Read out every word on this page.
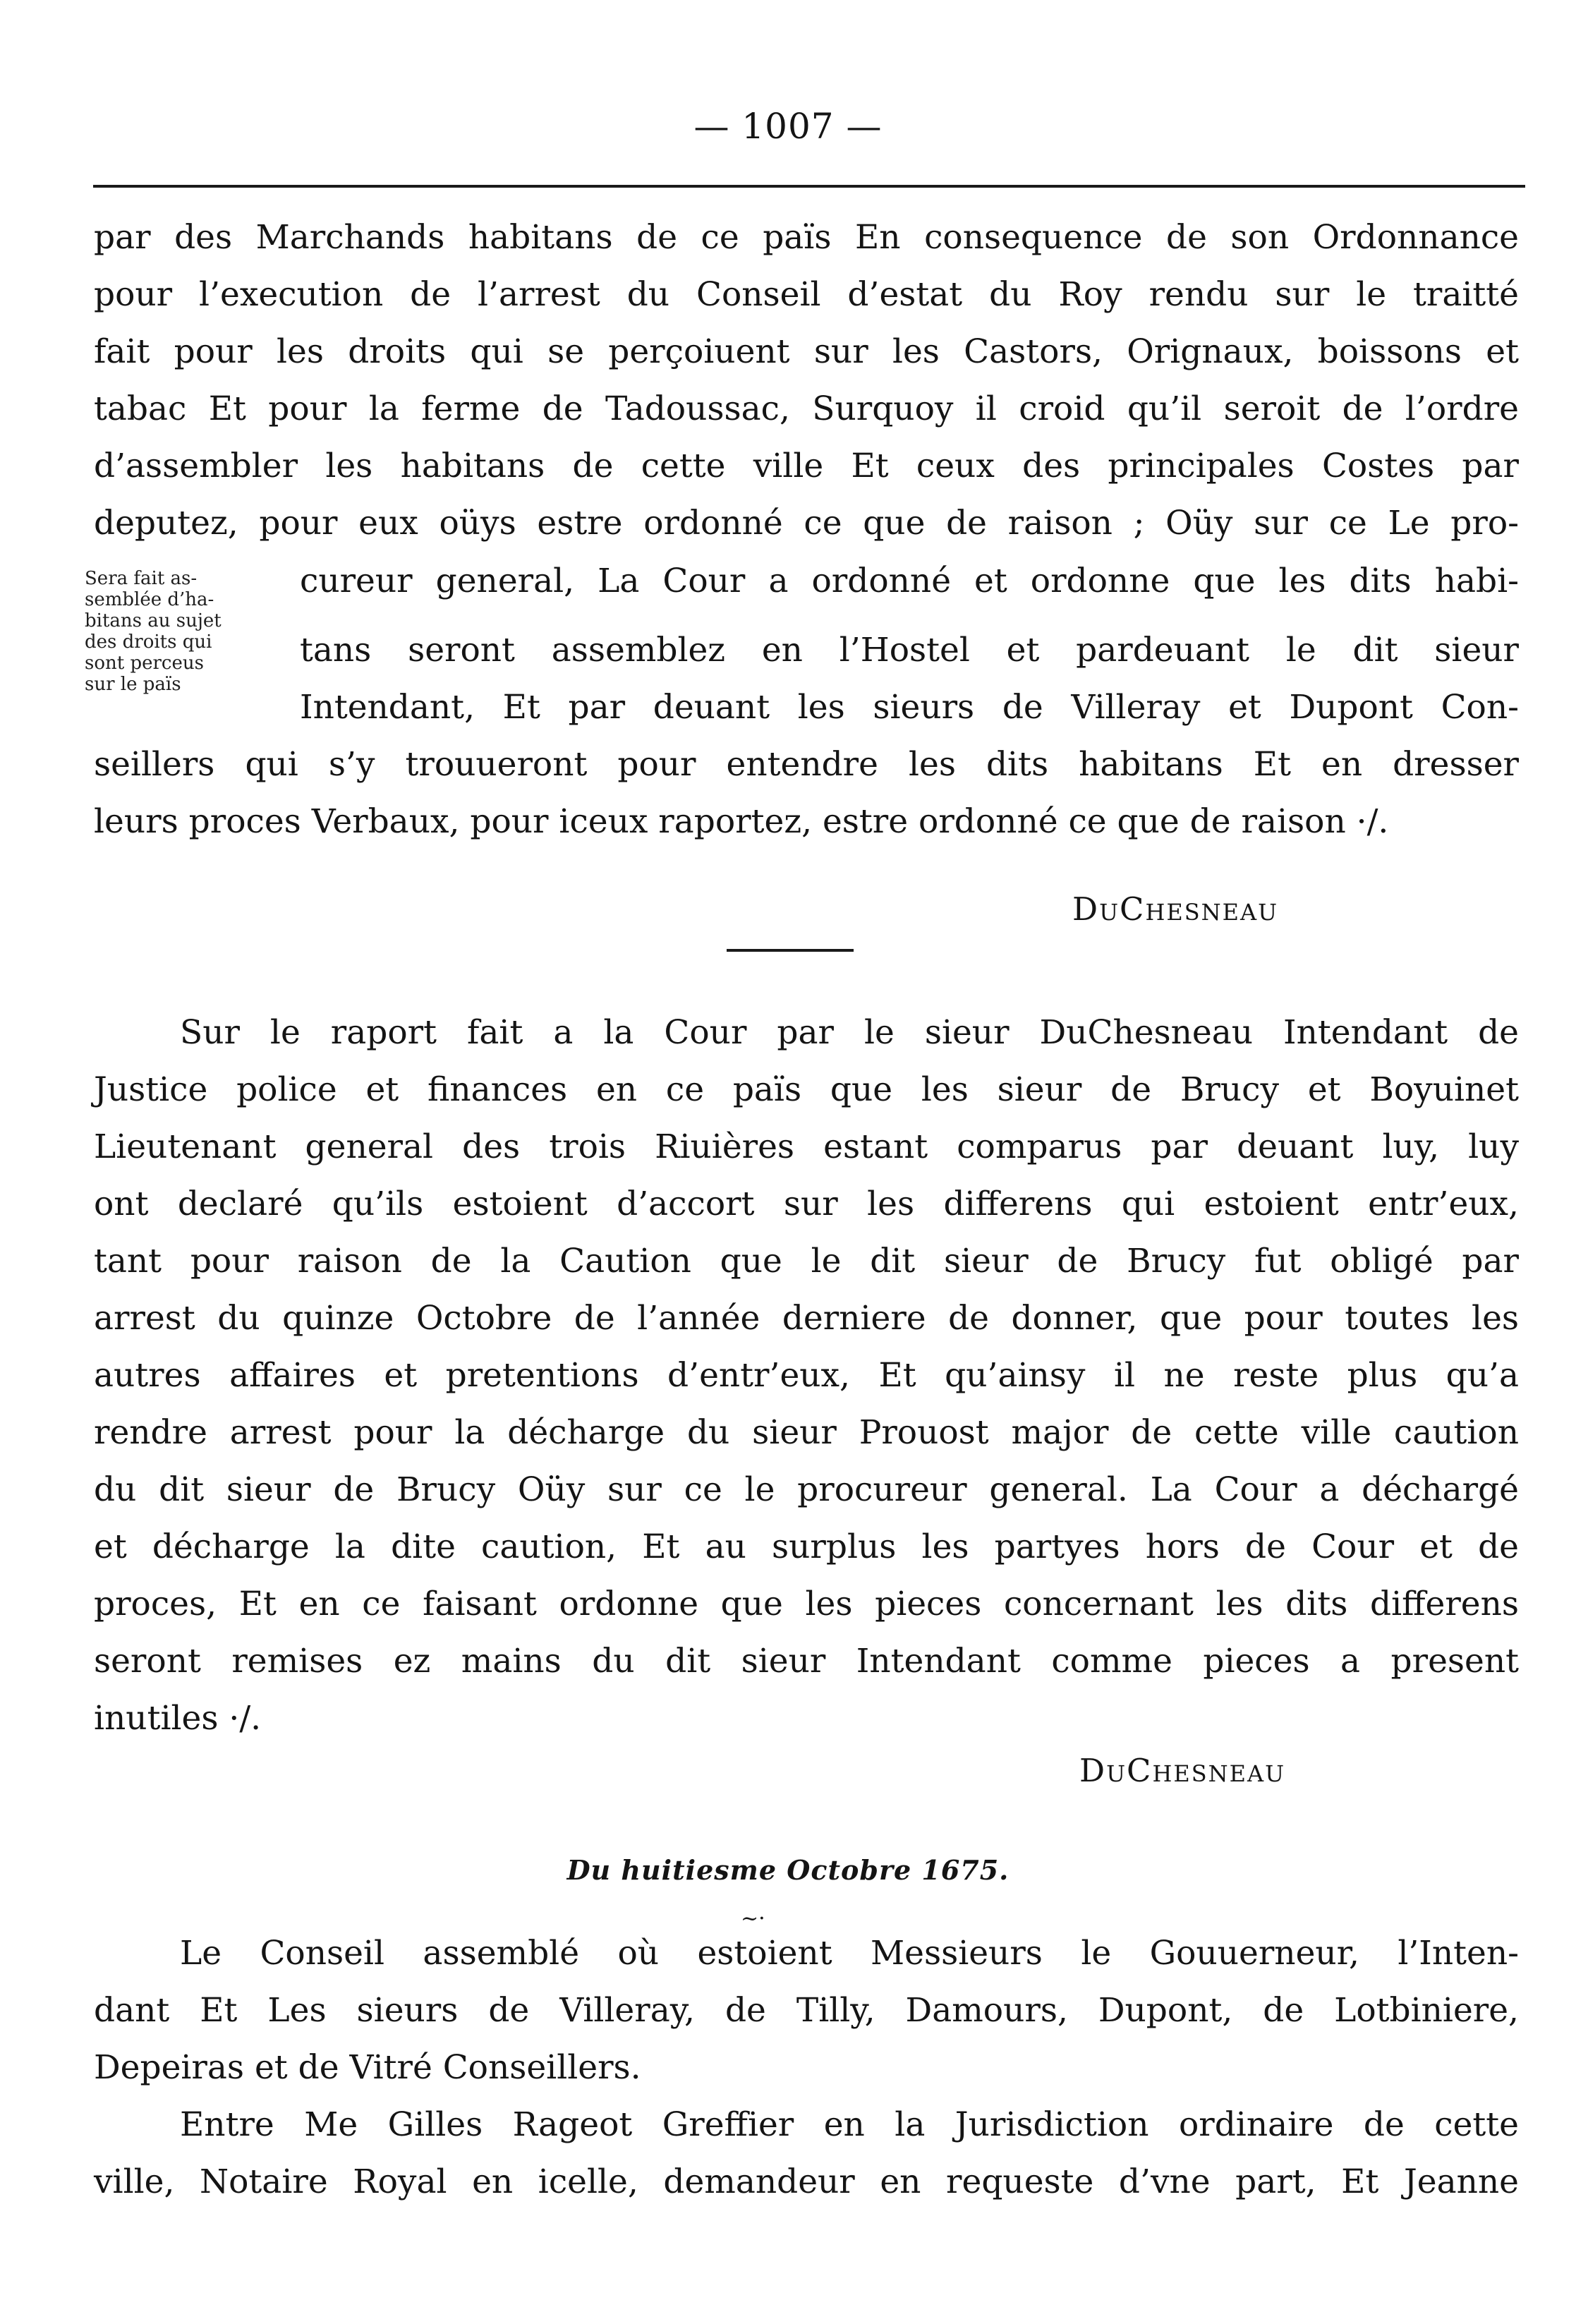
— 1007 —
par des Marchands habitans de ce païs En consequence de son Ordonnance
pour l’execution de l’arrest du Conseil d’estat du Roy rendu sur le traitté
fait pour les droits qui se perçoiuent sur les Castors, Orignaux, boissons et
tabac Et pour la ferme de Tadoussac, Surquoy il croid qu’il seroit de l’ordre
d’assembler les habitans de cette ville Et ceux des principales Costes par
deputez, pour eux oüys estre ordonné ce que de raison ; Oüy sur ce Le pro-
cureur general, La Cour a ordonné et ordonne que les dits habi-
tans seront assemblez en l’Hostel et pardeuant le dit sieur
Intendant, Et par deuant les sieurs de Villeray et Dupont Con-
seillers qui s’y trouueront pour entendre les dits habitans Et en dresser
leurs proces Verbaux, pour iceux raportez, estre ordonné ce que de raison ·/.
Sera fait as-
semblée d’ha-
bitans au sujet
des droits qui
sont perceus
sur le païs
DuChesneau
Sur le raport fait a la Cour par le sieur DuChesneau Intendant de
Justice police et finances en ce païs que les sieur de Brucy et Boyuinet
Lieutenant general des trois Riuières estant comparus par deuant luy, luy
ont declaré qu’ils estoient d’accort sur les differens qui estoient entr’eux,
tant pour raison de la Caution que le dit sieur de Brucy fut obligé par
arrest du quinze Octobre de l’année derniere de donner, que pour toutes les
autres affaires et pretentions d’entr’eux, Et qu’ainsy il ne reste plus qu’a
rendre arrest pour la décharge du sieur Prouost major de cette ville caution
du dit sieur de Brucy Oüy sur ce le procureur general. La Cour a déchargé
et décharge la dite caution, Et au surplus les partyes hors de Cour et de
proces, Et en ce faisant ordonne que les pieces concernant les dits differens
seront remises ez mains du dit sieur Intendant comme pieces a present
inutiles ·/.
DuChesneau
Du huitiesme Octobre 1675.
~·
Le Conseil assemblé où estoient Messieurs le Gouuerneur, l’Inten-
dant Et Les sieurs de Villeray, de Tilly, Damours, Dupont, de Lotbiniere,
Depeiras et de Vitré Conseillers.
Entre Me Gilles Rageot Greffier en la Jurisdiction ordinaire de cette
ville, Notaire Royal en icelle, demandeur en requeste d’vne part, Et Jeanne
